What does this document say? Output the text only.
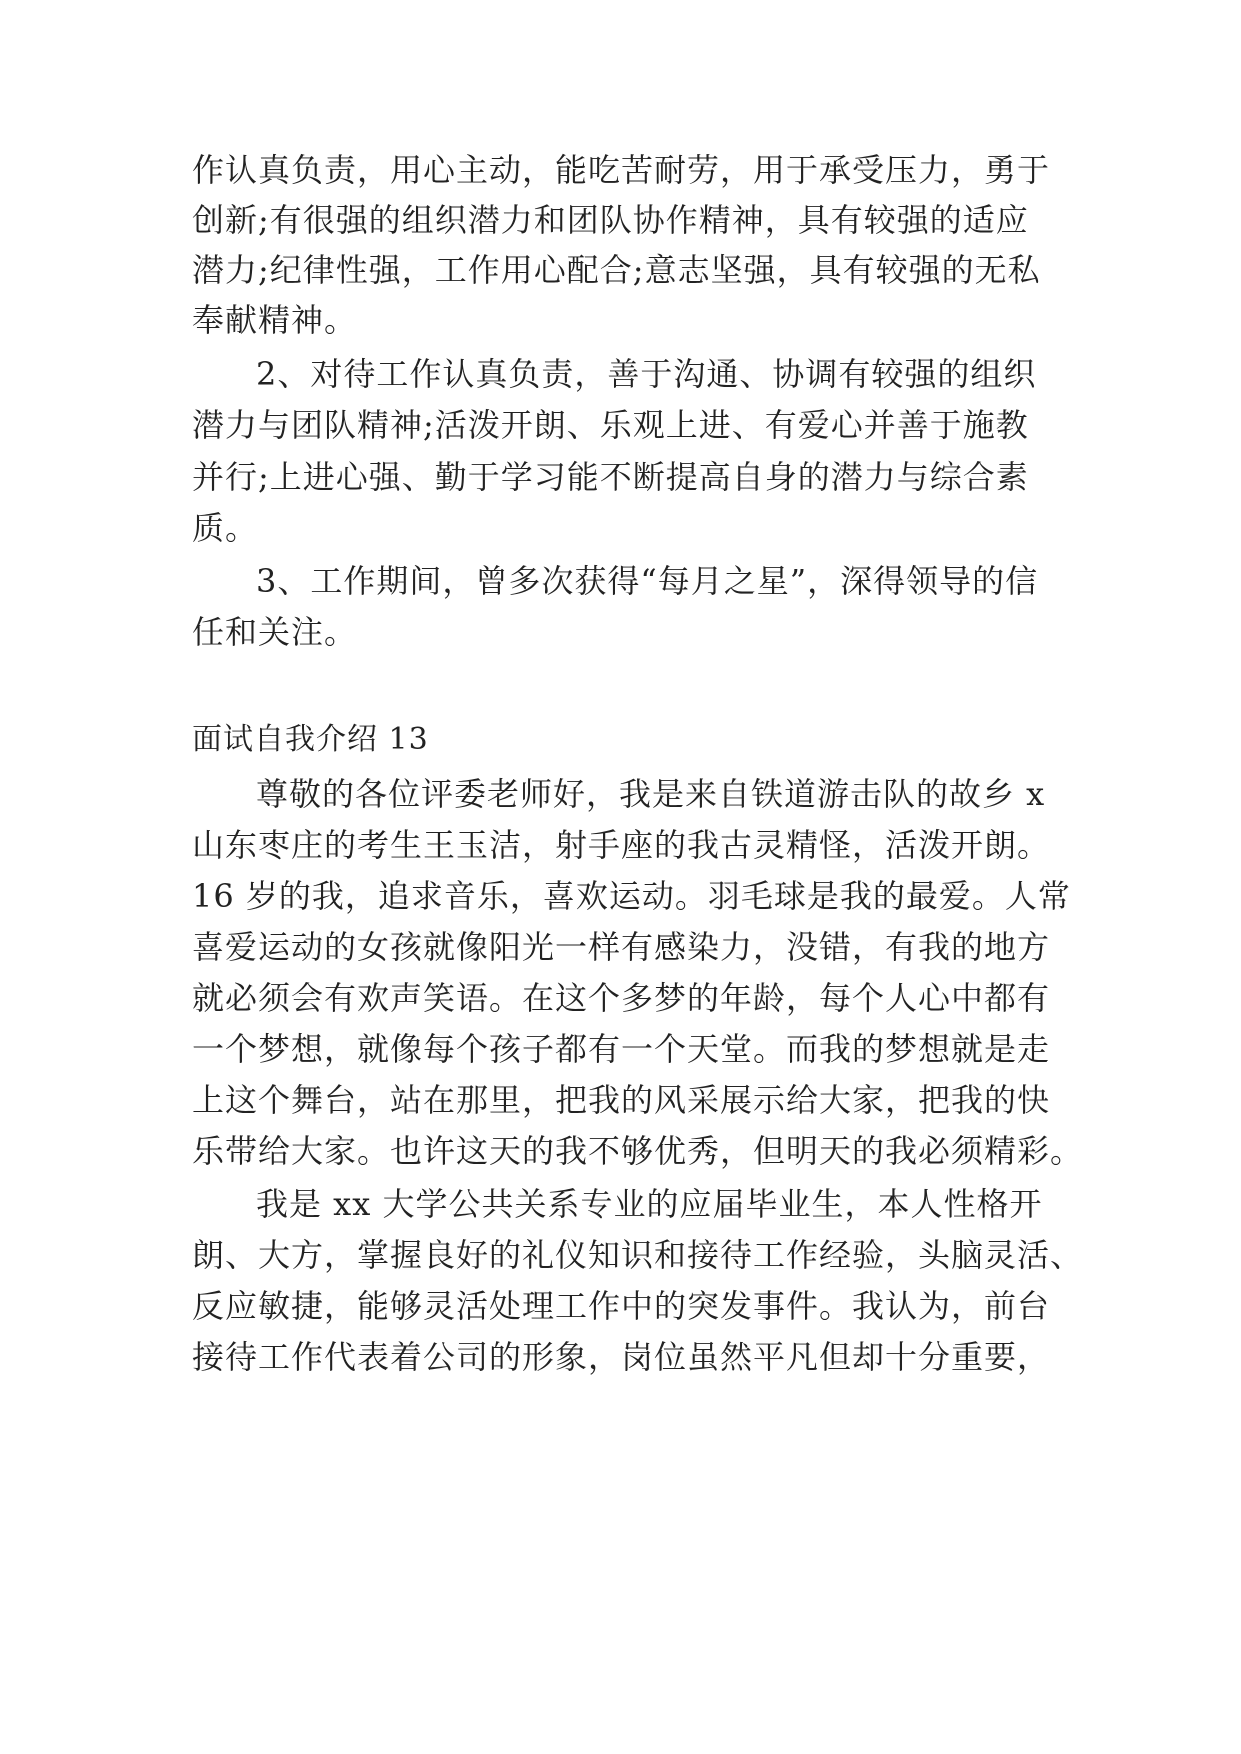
作认真负责，用心主动，能吃苦耐劳，用于承受压力，勇于
创新;有很强的组织潜力和团队协作精神，具有较强的适应
潜力;纪律性强，工作用心配合;意志坚强，具有较强的无私
奉献精神。
2、对待工作认真负责，善于沟通、协调有较强的组织
潜力与团队精神;活泼开朗、乐观上进、有爱心并善于施教
并行;上进心强、勤于学习能不断提高自身的潜力与综合素
质。
3、工作期间，曾多次获得“每月之星”，深得领导的信
任和关注。
面试自我介绍 13
尊敬的各位评委老师好，我是来自铁道游击队的故乡 x
山东枣庄的考生王玉洁，射手座的我古灵精怪，活泼开朗。
16 岁的我，追求音乐，喜欢运动。羽毛球是我的最爱。人常
喜爱运动的女孩就像阳光一样有感染力，没错，有我的地方
就必须会有欢声笑语。在这个多梦的年龄，每个人心中都有
一个梦想，就像每个孩子都有一个天堂。而我的梦想就是走
上这个舞台，站在那里，把我的风采展示给大家，把我的快
乐带给大家。也许这天的我不够优秀，但明天的我必须精彩。
我是 xx 大学公共关系专业的应届毕业生，本人性格开
朗、大方，掌握良好的礼仪知识和接待工作经验，头脑灵活、
反应敏捷，能够灵活处理工作中的突发事件。我认为，前台
接待工作代表着公司的形象，岗位虽然平凡但却十分重要，
